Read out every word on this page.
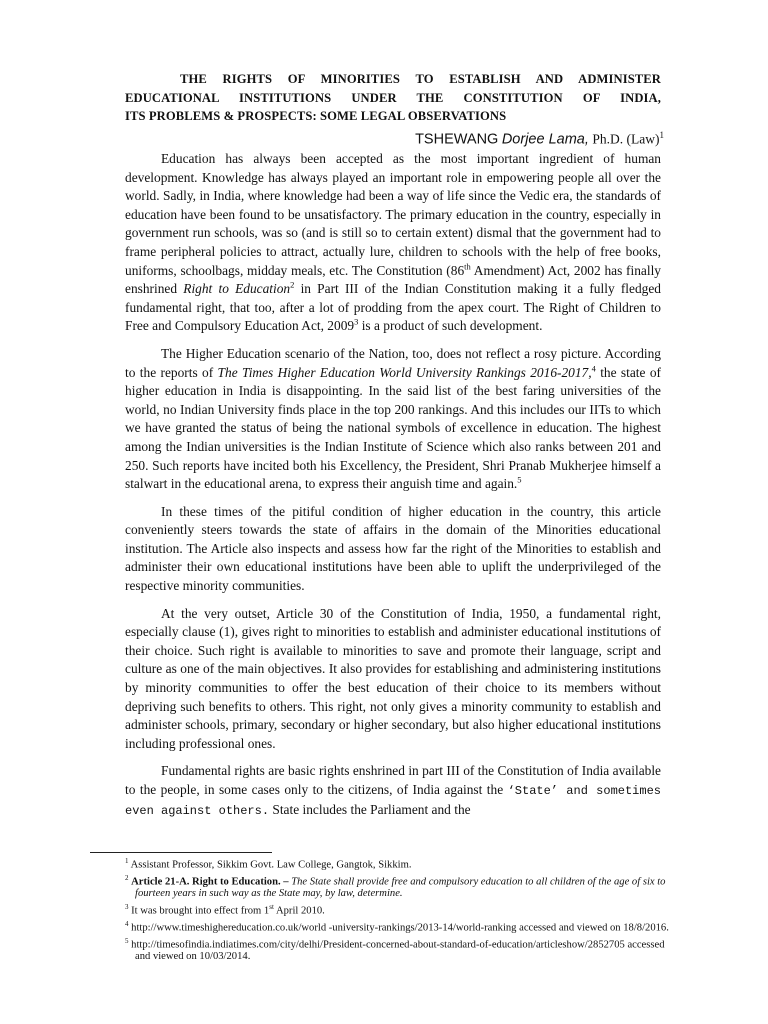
THE RIGHTS OF MINORITIES TO ESTABLISH AND ADMINISTER
EDUCATIONAL INSTITUTIONS UNDER THE CONSTITUTION OF INDIA,
ITS PROBLEMS & PROSPECTS: SOME LEGAL OBSERVATIONS
TSHEWANG Dorjee Lama, Ph.D. (Law)$^1$

Education has always been accepted as the most important ingredient of human development. Knowledge has always played an important role in empowering people all over the world. Sadly, in India, where knowledge had been a way of life since the Vedic era, the standards of education have been found to be unsatisfactory. The primary education in the country, especially in government run schools, was so (and is still so to certain extent) dismal that the government had to frame peripheral policies to attract, actually lure, children to schools with the help of free books, uniforms, schoolbags, midday meals, etc. The Constitution (86th Amendment) Act, 2002 has finally enshrined Right to Education$^2$ in Part III of the Indian Constitution making it a fully fledged fundamental right, that too, after a lot of prodding from the apex court. The Right of Children to Free and Compulsory Education Act, 2009$^3$ is a product of such development.

The Higher Education scenario of the Nation, too, does not reflect a rosy picture. According to the reports of The Times Higher Education World University Rankings 2016-2017,$^4$ the state of higher education in India is disappointing. In the said list of the best faring universities of the world, no Indian University finds place in the top 200 rankings. And this includes our IITs to which we have granted the status of being the national symbols of excellence in education. The highest among the Indian universities is the Indian Institute of Science which also ranks between 201 and 250. Such reports have incited both his Excellency, the President, Shri Pranab Mukherjee himself a stalwart in the educational arena, to express their anguish time and again.$^5$

In these times of the pitiful condition of higher education in the country, this article conveniently steers towards the state of affairs in the domain of the Minorities educational institution. The Article also inspects and assess how far the right of the Minorities to establish and administer their own educational institutions have been able to uplift the underprivileged of the respective minority communities.

At the very outset, Article 30 of the Constitution of India, 1950, a fundamental right, especially clause (1), gives right to minorities to establish and administer educational institutions of their choice. Such right is available to minorities to save and promote their language, script and culture as one of the main objectives. It also provides for establishing and administering institutions by minority communities to offer the best education of their choice to its members without depriving such benefits to others. This right, not only gives a minority community to establish and administer schools, primary, secondary or higher secondary, but also higher educational institutions including professional ones.

Fundamental rights are basic rights enshrined in part III of the Constitution of India available to the people, in some cases only to the citizens, of India against the ‘State’ and sometimes even against others. State includes the Parliament and the

$^1$ Assistant Professor, Sikkim Govt. Law College, Gangtok, Sikkim.
$^2$ Article 21-A. Right to Education. – The State shall provide free and compulsory education to all children of the age of six to fourteen years in such way as the State may, by law, determine.
$^3$ It was brought into effect from 1st April 2010.
$^4$ http://www.timeshighereducation.co.uk/world -university-rankings/2013-14/world-ranking accessed and viewed on 18/8/2016.
$^5$ http://timesofindia.indiatimes.com/city/delhi/President-concerned-about-standard-of-education/articleshow/2852705 accessed and viewed on 10/03/2014.
